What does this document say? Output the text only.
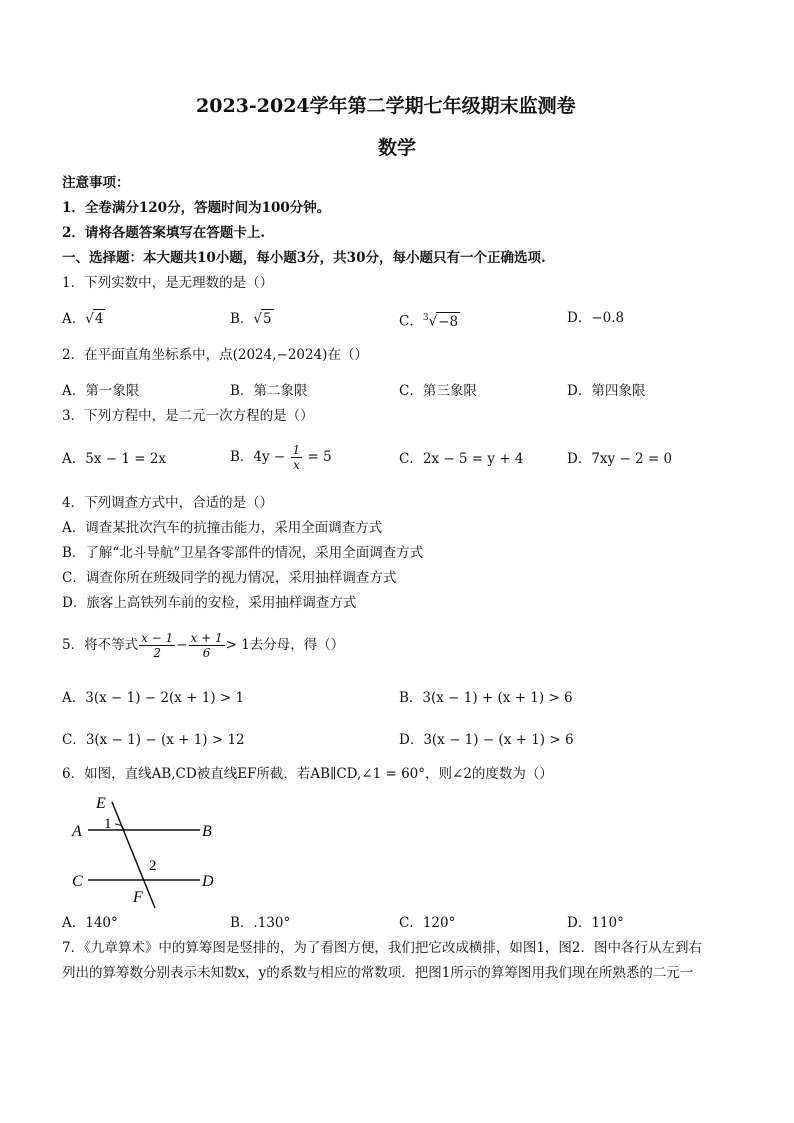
2023-2024学年第二学期七年级期末监测卷
数学
注意事项：
1．全卷满分120分，答题时间为100分钟。
2．请将各题答案填写在答题卡上.
一、选择题：本大题共10小题，每小题3分，共30分，每小题只有一个正确选项.
1．下列实数中，是无理数的是（）
A．√4	B．√5	C．$^3$√−8	D．−0.8
2．在平面直角坐标系中，点(2024,−2024)在（）
A．第一象限	B．第二象限	C．第三象限	D．第四象限
3．下列方程中，是二元一次方程的是（）
A．5x − 1 = 2x	B．$4y - \frac{1}{x} = 5$	C．2x − 5 = y + 4	D．7xy − 2 = 0
4．下列调查方式中，合适的是（）
A．调查某批次汽车的抗撞击能力，采用全面调查方式
B．了解“北斗导航”卫星各零部件的情况，采用全面调查方式
C．调查你所在班级同学的视力情况，采用抽样调查方式
D．旅客上高铁列车前的安检，采用抽样调查方式
5．将不等式 $\frac{x - 1}{2} - \frac{x + 1}{6} > 1$去分母，得（）
A．3(x − 1) − 2(x + 1) > 1	B．3(x − 1) + (x + 1) > 6
C．3(x − 1) − (x + 1) > 12	D．3(x − 1) − (x + 1) > 6
6．如图，直线AB,CD被直线EF所截，若AB∥CD,∠1 = 60°，则∠2的度数为（）
E
1
A	B
2
C	D
F
A．140°	B．.130°	C．120°	D．110°
7．《九章算术》中的算筹图是竖排的，为了看图方便，我们把它改成横排，如图1，图2．图中各行从左到右
列出的算筹数分别表示未知数x，y的系数与相应的常数项．把图1所示的算筹图用我们现在所熟悉的二元一
